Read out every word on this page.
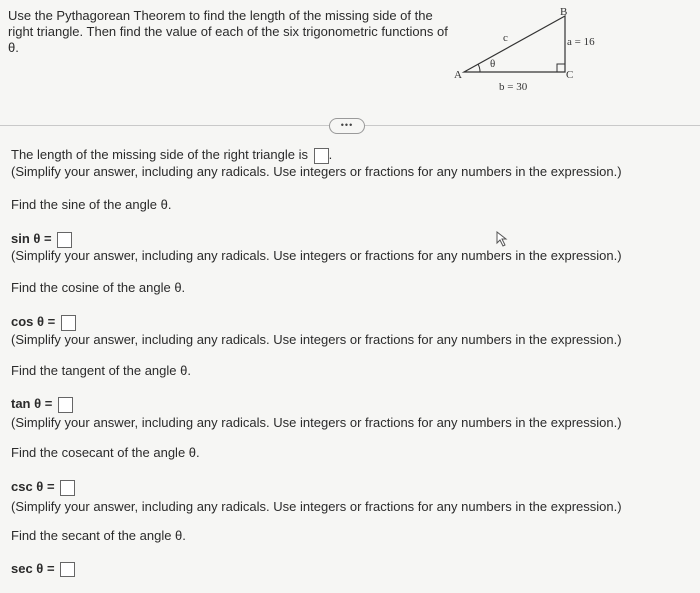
Use the Pythagorean Theorem to find the length of the missing side of the right triangle. Then find the value of each of the six trigonometric functions of θ.
A
B
C
c
θ
a = 16
b = 30
•••
The length of the missing side of the right triangle is .
(Simplify your answer, including any radicals. Use integers or fractions for any numbers in the expression.)
Find the sine of the angle θ.
sin θ =
(Simplify your answer, including any radicals. Use integers or fractions for any numbers in the expression.)
Find the cosine of the angle θ.
cos θ =
(Simplify your answer, including any radicals. Use integers or fractions for any numbers in the expression.)
Find the tangent of the angle θ.
tan θ =
(Simplify your answer, including any radicals. Use integers or fractions for any numbers in the expression.)
Find the cosecant of the angle θ.
csc θ =
(Simplify your answer, including any radicals. Use integers or fractions for any numbers in the expression.)
Find the secant of the angle θ.
sec θ =
